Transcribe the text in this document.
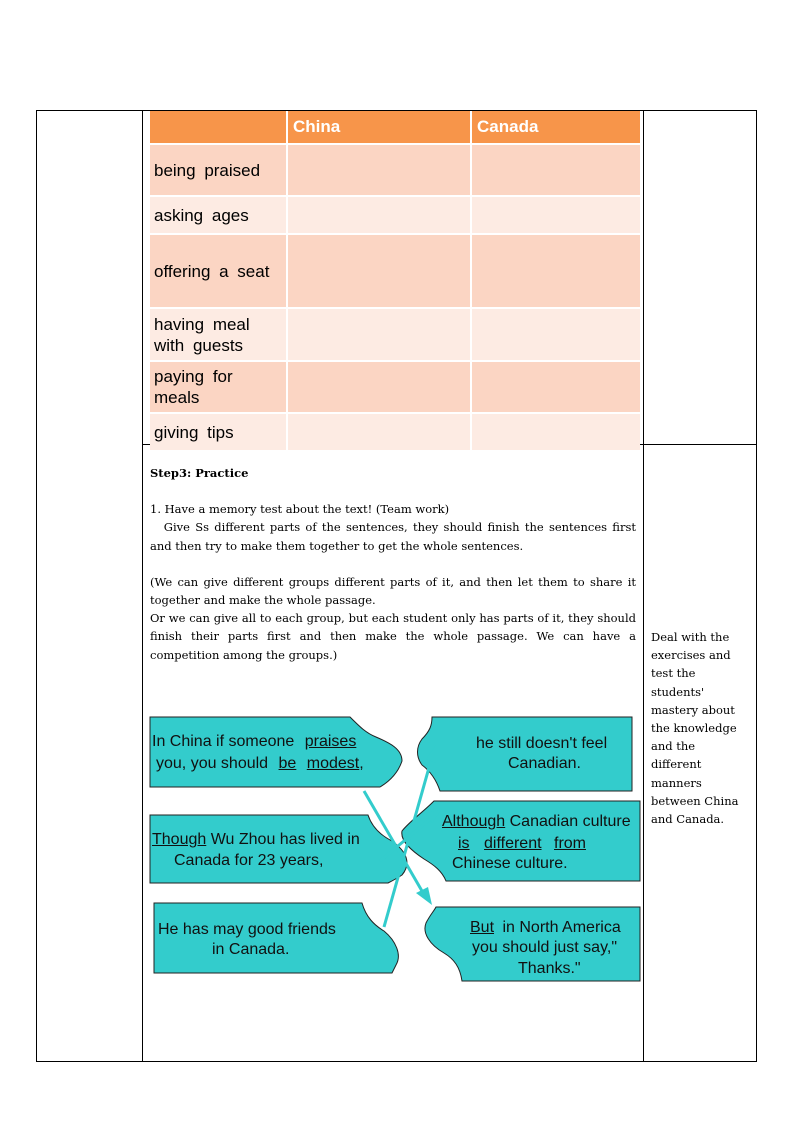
China	Canada
being praised
asking ages
offering a seat
having meal with guests
paying for meals
giving tips

Step3: Practice

1. Have a memory test about the text! (Team work)

Give Ss different parts of the sentences, they should finish the sentences first and then try to make them together to get the whole sentences.

(We can give different groups different parts of it, and then let them to share it together and make the whole passage.

Or we can give all to each group, but each student only has parts of it, they should finish their parts first and then make the whole passage. We can have a competition among the groups.)

Deal with the exercises and test the students' mastery about the knowledge and the different manners between China and Canada.
In China if someone praises
you, you should be modest,
Though Wu Zhou has lived in
Canada for 23 years,
He has may good friends
in Canada.
he still doesn't feel
Canadian.
Although Canadian culture
is different from
Chinese culture.
But in North America
you should just say,"
Thanks."
